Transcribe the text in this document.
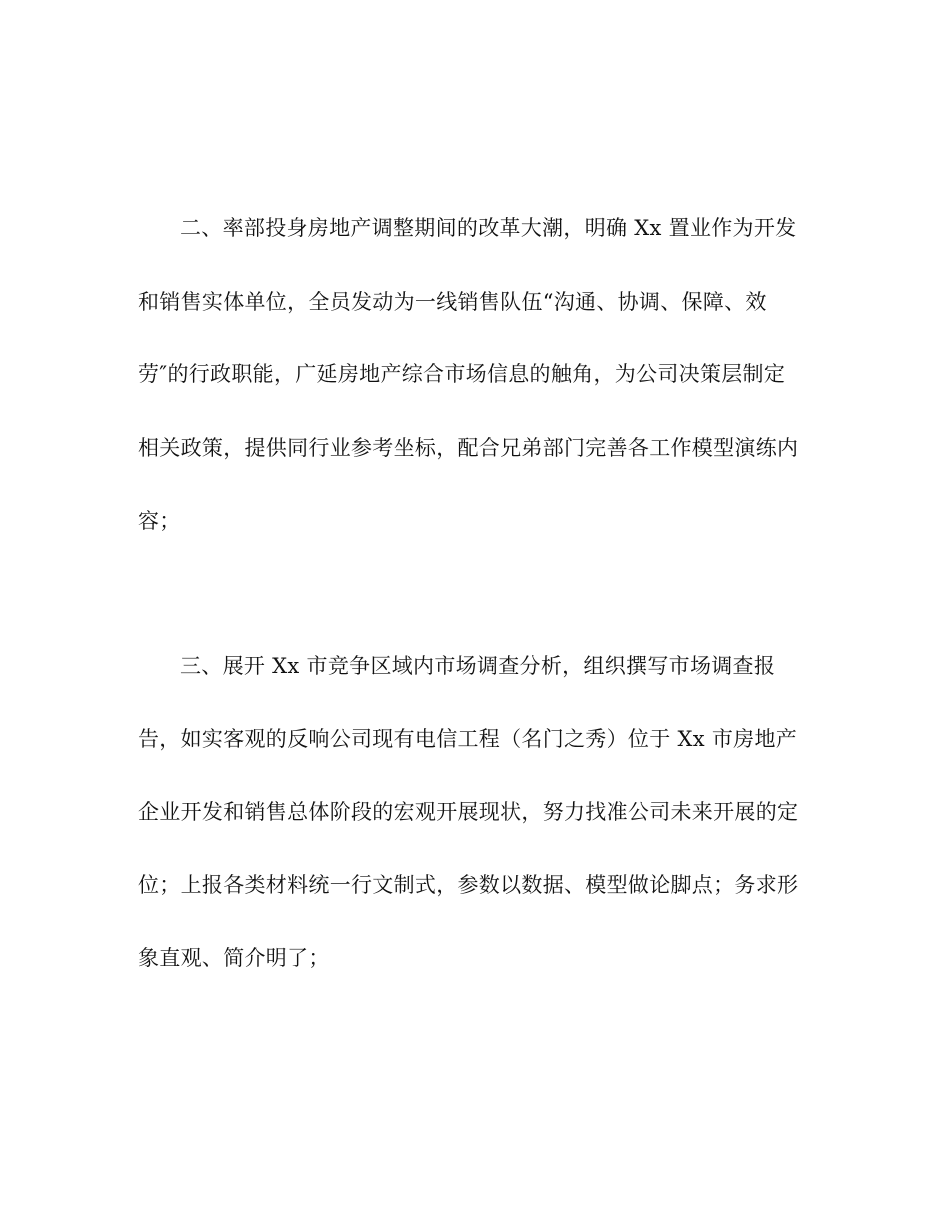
二、率部投身房地产调整期间的改革大潮，明确 Xx 置业作为开发
和销售实体单位，全员发动为一线销售队伍“沟通、协调、保障、效
劳″的行政职能，广延房地产综合市场信息的触角，为公司决策层制定
相关政策，提供同行业参考坐标，配合兄弟部门完善各工作模型演练内
容；
三、展开 Xx 市竞争区域内市场调查分析，组织撰写市场调查报
告，如实客观的反响公司现有电信工程（名门之秀）位于 Xx 市房地产
企业开发和销售总体阶段的宏观开展现状，努力找准公司未来开展的定
位；上报各类材料统一行文制式，参数以数据、模型做论脚点；务求形
象直观、简介明了；
